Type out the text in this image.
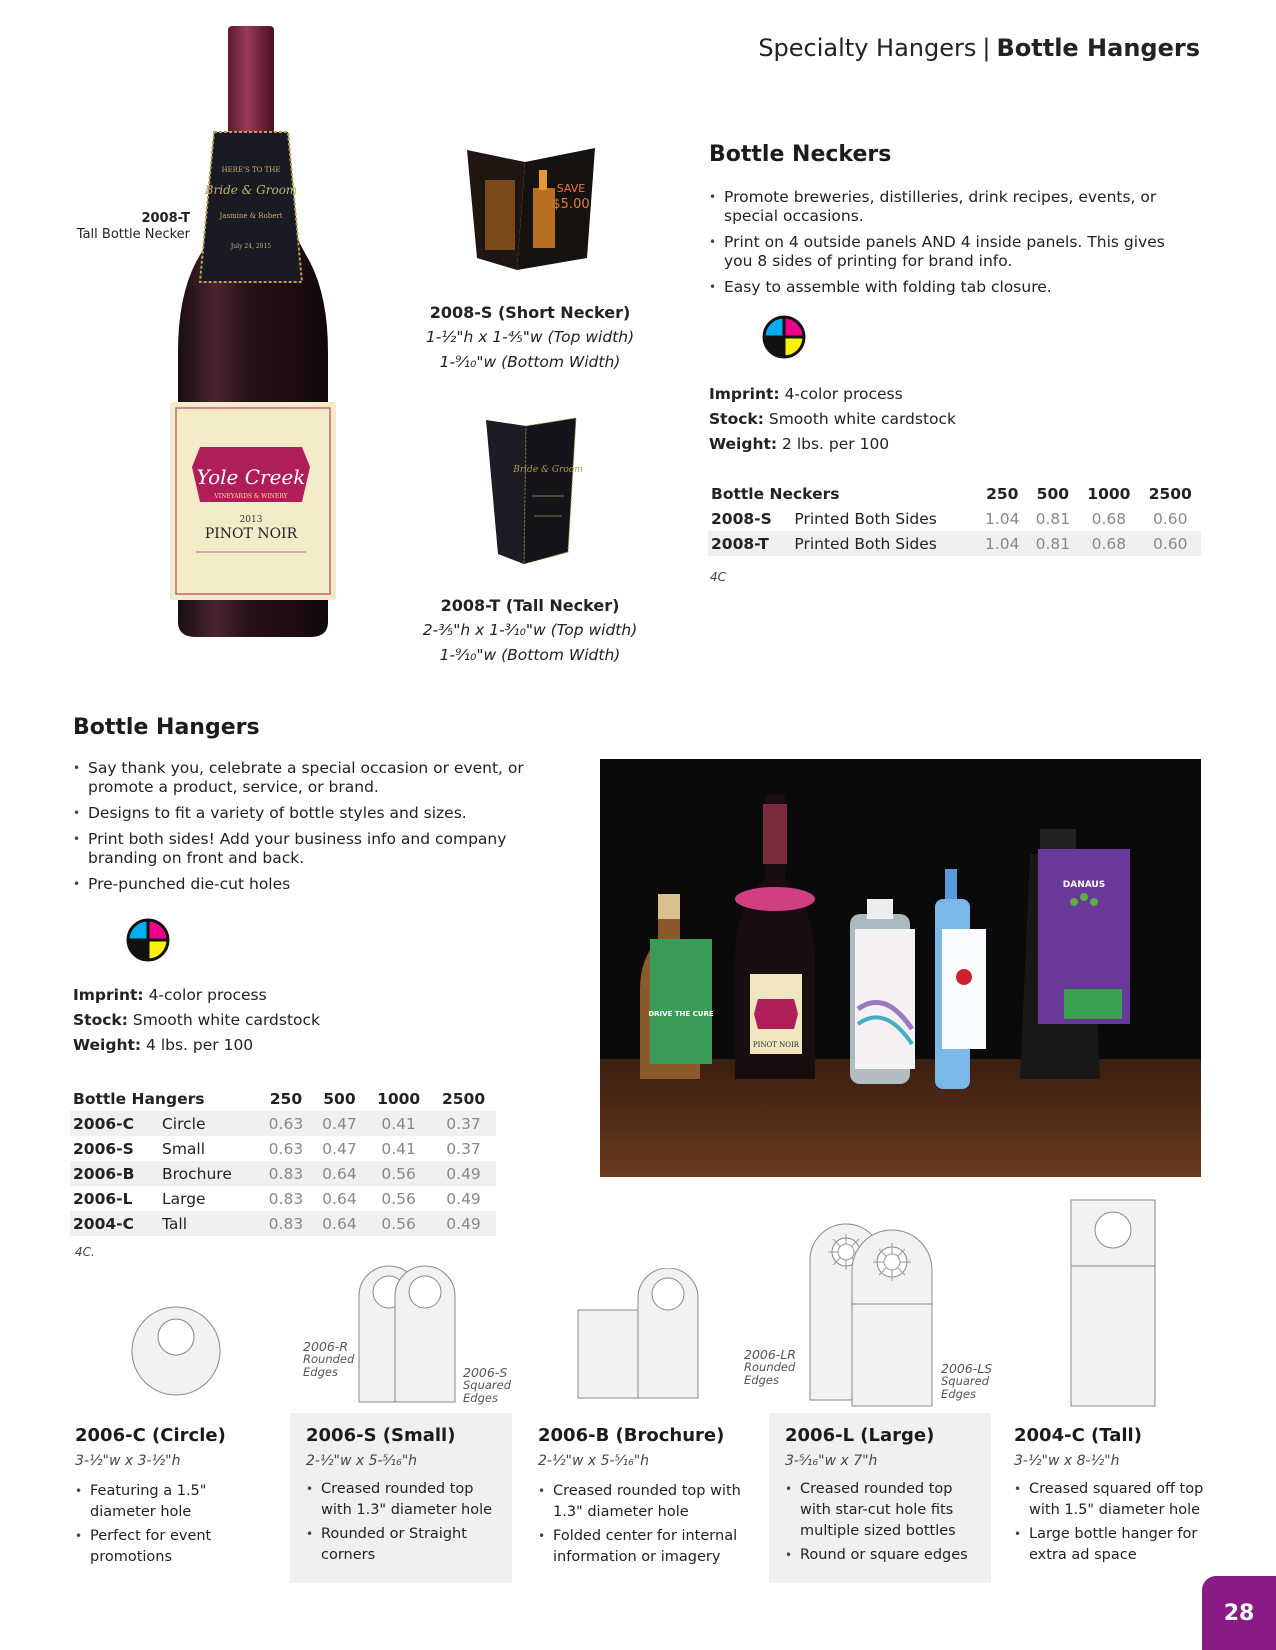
Specialty Hangers | Bottle Hangers
HERE'S TO THE
Bride & Groom
Jasmine & Robert
July 24, 2015
Yole Creek
VINEYARDS & WINERY
2013
PINOT NOIR
2008-T
Tall Bottle Necker
SAVE
$5.00
2008-S (Short Necker)
1-½"h x 1-⅘"w (Top width)
1-⁹⁄₁₀"w (Bottom Width)
Bride & Groom
2008-T (Tall Necker)
2-⅗"h x 1-³⁄₁₀"w (Top width)
1-⁹⁄₁₀"w (Bottom Width)
Bottle Neckers
• Promote breweries, distilleries, drink recipes, events, or special occasions.
• Print on 4 outside panels AND 4 inside panels. This gives you 8 sides of printing for brand info.
• Easy to assemble with folding tab closure.
Imprint: 4-color process
Stock: Smooth white cardstock
Weight: 2 lbs. per 100
Bottle Neckers		250	500	1000	2500
2008-S	Printed Both Sides	1.04	0.81	0.68	0.60
2008-T	Printed Both Sides	1.04	0.81	0.68	0.60
4C
Bottle Hangers
• Say thank you, celebrate a special occasion or event, or promote a product, service, or brand.
• Designs to fit a variety of bottle styles and sizes.
• Print both sides! Add your business info and company branding on front and back.
• Pre-punched die-cut holes
Imprint: 4-color process
Stock: Smooth white cardstock
Weight: 4 lbs. per 100
Bottle Hangers		250	500	1000	2500
2006-C	Circle	0.63	0.47	0.41	0.37
2006-S	Small	0.63	0.47	0.41	0.37
2006-B	Brochure	0.83	0.64	0.56	0.49
2006-L	Large	0.83	0.64	0.56	0.49
2004-C	Tall	0.83	0.64	0.56	0.49
4C.
DRIVE THE CURE
PINOT NOIR
DANAUS
2006-R
Rounded Edges	2006-S
Squared Edges
2006-LR
Rounded Edges
2006-LS
Squared Edges
2006-C (Circle)
3-½"w x 3-½"h
• Featuring a 1.5" diameter hole
• Perfect for event promotions
2006-S (Small)
2-½"w x 5-⁵⁄₁₆"h
• Creased rounded top with 1.3" diameter hole
• Rounded or Straight corners
2006-B (Brochure)
2-½"w x 5-⁵⁄₁₆"h
• Creased rounded top with 1.3" diameter hole
• Folded center for internal information or imagery
2006-L (Large)
3-⁵⁄₁₆"w x 7"h
• Creased rounded top with star-cut hole fits multiple sized bottles
• Round or square edges
2004-C (Tall)
3-½"w x 8-½"h
• Creased squared off top with 1.5" diameter hole
• Large bottle hanger for extra ad space
28
